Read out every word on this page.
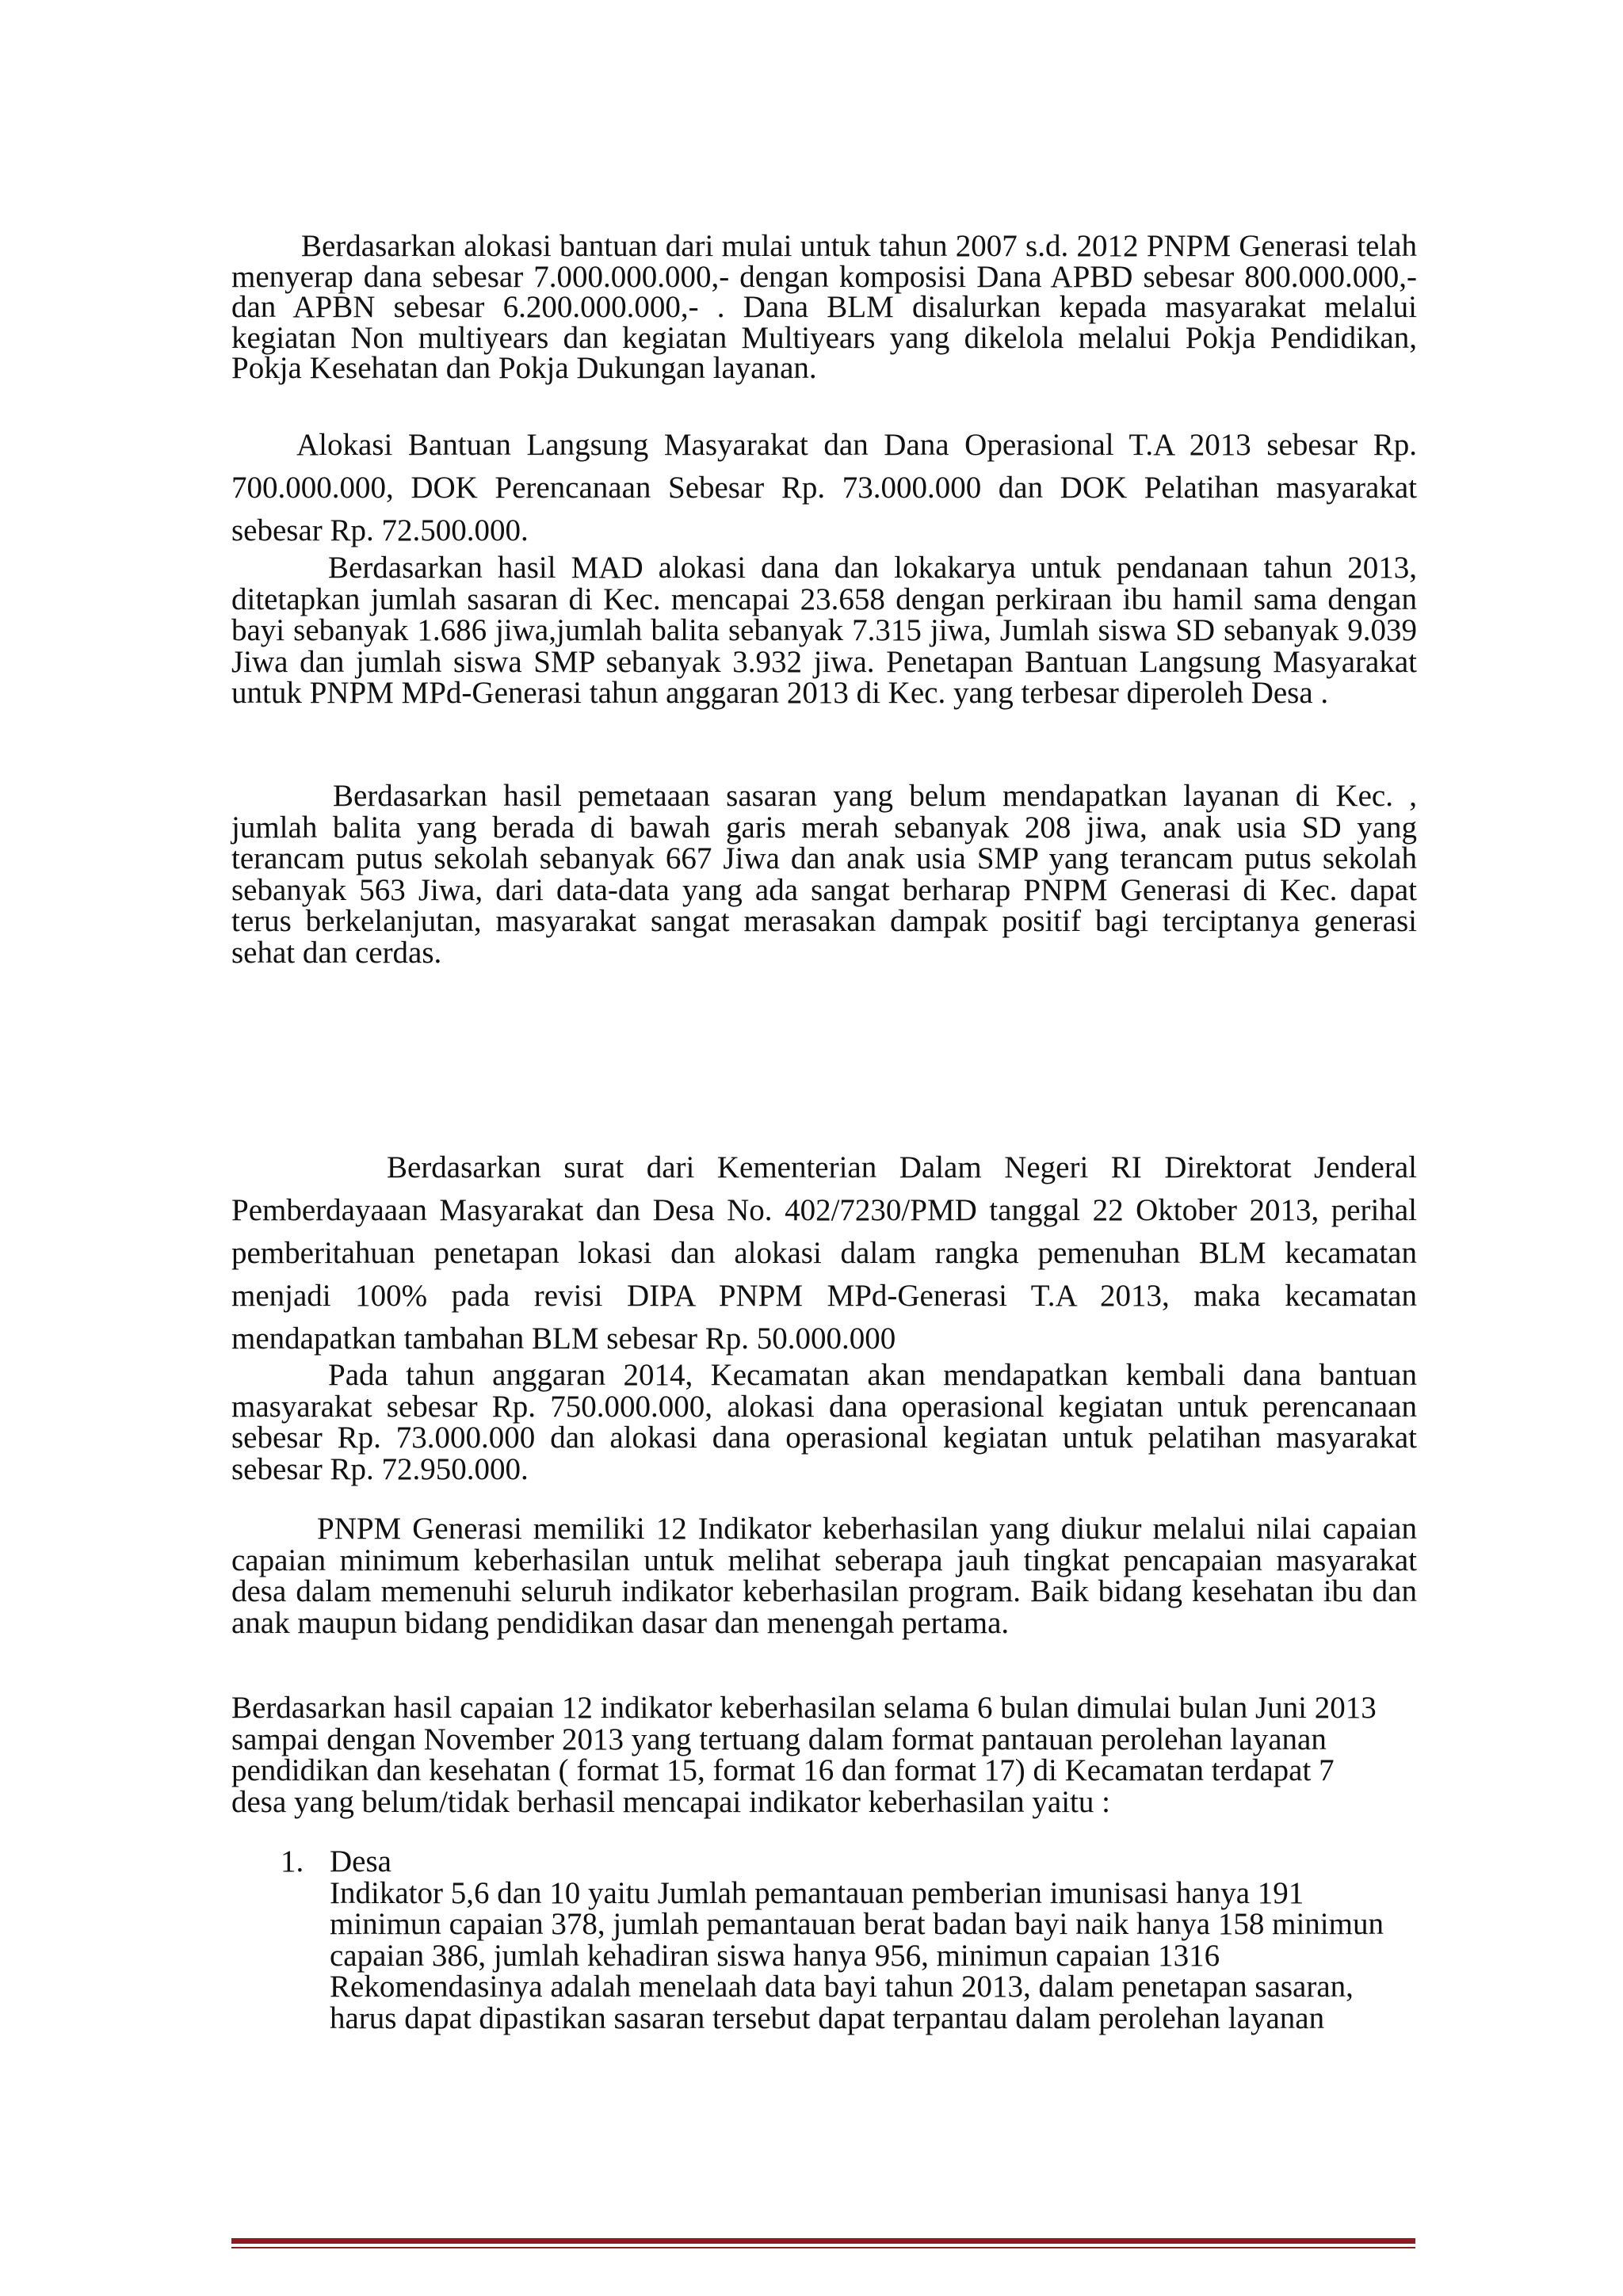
Berdasarkan alokasi bantuan dari mulai untuk tahun 2007 s.d. 2012 PNPM Generasi telah menyerap dana sebesar 7.000.000.000,- dengan komposisi Dana APBD sebesar 800.000.000,- dan APBN sebesar 6.200.000.000,- . Dana BLM disalurkan kepada masyarakat melalui kegiatan Non multiyears dan kegiatan Multiyears yang dikelola melalui Pokja Pendidikan, Pokja Kesehatan dan Pokja Dukungan layanan.

Alokasi Bantuan Langsung Masyarakat dan Dana Operasional T.A 2013 sebesar Rp. 700.000.000, DOK Perencanaan Sebesar Rp. 73.000.000 dan DOK Pelatihan masyarakat sebesar Rp. 72.500.000.

Berdasarkan hasil MAD alokasi dana dan lokakarya untuk pendanaan tahun 2013, ditetapkan jumlah sasaran di Kec. mencapai 23.658 dengan perkiraan ibu hamil sama dengan bayi sebanyak 1.686 jiwa,jumlah balita sebanyak 7.315 jiwa, Jumlah siswa SD sebanyak 9.039 Jiwa dan jumlah siswa SMP sebanyak 3.932 jiwa. Penetapan Bantuan Langsung Masyarakat untuk PNPM MPd-Generasi tahun anggaran 2013 di Kec. yang terbesar diperoleh Desa .

Berdasarkan hasil pemetaaan sasaran yang belum mendapatkan layanan di Kec. , jumlah balita yang berada di bawah garis merah sebanyak 208 jiwa, anak usia SD yang terancam putus sekolah sebanyak 667 Jiwa dan anak usia SMP yang terancam putus sekolah sebanyak 563 Jiwa, dari data-data yang ada sangat berharap PNPM Generasi di Kec. dapat terus berkelanjutan, masyarakat sangat merasakan dampak positif bagi terciptanya generasi sehat dan cerdas.

Berdasarkan surat dari Kementerian Dalam Negeri RI Direktorat Jenderal Pemberdayaaan Masyarakat dan Desa No. 402/7230/PMD tanggal 22 Oktober 2013, perihal pemberitahuan penetapan lokasi dan alokasi dalam rangka pemenuhan BLM kecamatan menjadi 100% pada revisi DIPA PNPM MPd-Generasi T.A 2013, maka kecamatan mendapatkan tambahan BLM sebesar Rp. 50.000.000

Pada tahun anggaran 2014, Kecamatan akan mendapatkan kembali dana bantuan masyarakat sebesar Rp. 750.000.000, alokasi dana operasional kegiatan untuk perencanaan sebesar Rp. 73.000.000 dan alokasi dana operasional kegiatan untuk pelatihan masyarakat sebesar Rp. 72.950.000.

PNPM Generasi memiliki 12 Indikator keberhasilan yang diukur melalui nilai capaian capaian minimum keberhasilan untuk melihat seberapa jauh tingkat pencapaian masyarakat desa dalam memenuhi seluruh indikator keberhasilan program. Baik bidang kesehatan ibu dan anak maupun bidang pendidikan dasar dan menengah pertama.

Berdasarkan hasil capaian 12 indikator keberhasilan selama 6 bulan dimulai bulan Juni 2013 sampai dengan November 2013 yang tertuang dalam format pantauan perolehan layanan pendidikan dan kesehatan ( format 15, format 16 dan format 17) di Kecamatan terdapat 7 desa yang belum/tidak berhasil mencapai indikator keberhasilan yaitu :

1. Desa
Indikator 5,6 dan 10 yaitu Jumlah pemantauan pemberian imunisasi hanya 191 minimun capaian 378, jumlah pemantauan berat badan bayi naik hanya 158 minimun capaian 386, jumlah kehadiran siswa hanya 956, minimun capaian 1316 Rekomendasinya adalah menelaah data bayi tahun 2013, dalam penetapan sasaran, harus dapat dipastikan sasaran tersebut dapat terpantau dalam perolehan layanan
